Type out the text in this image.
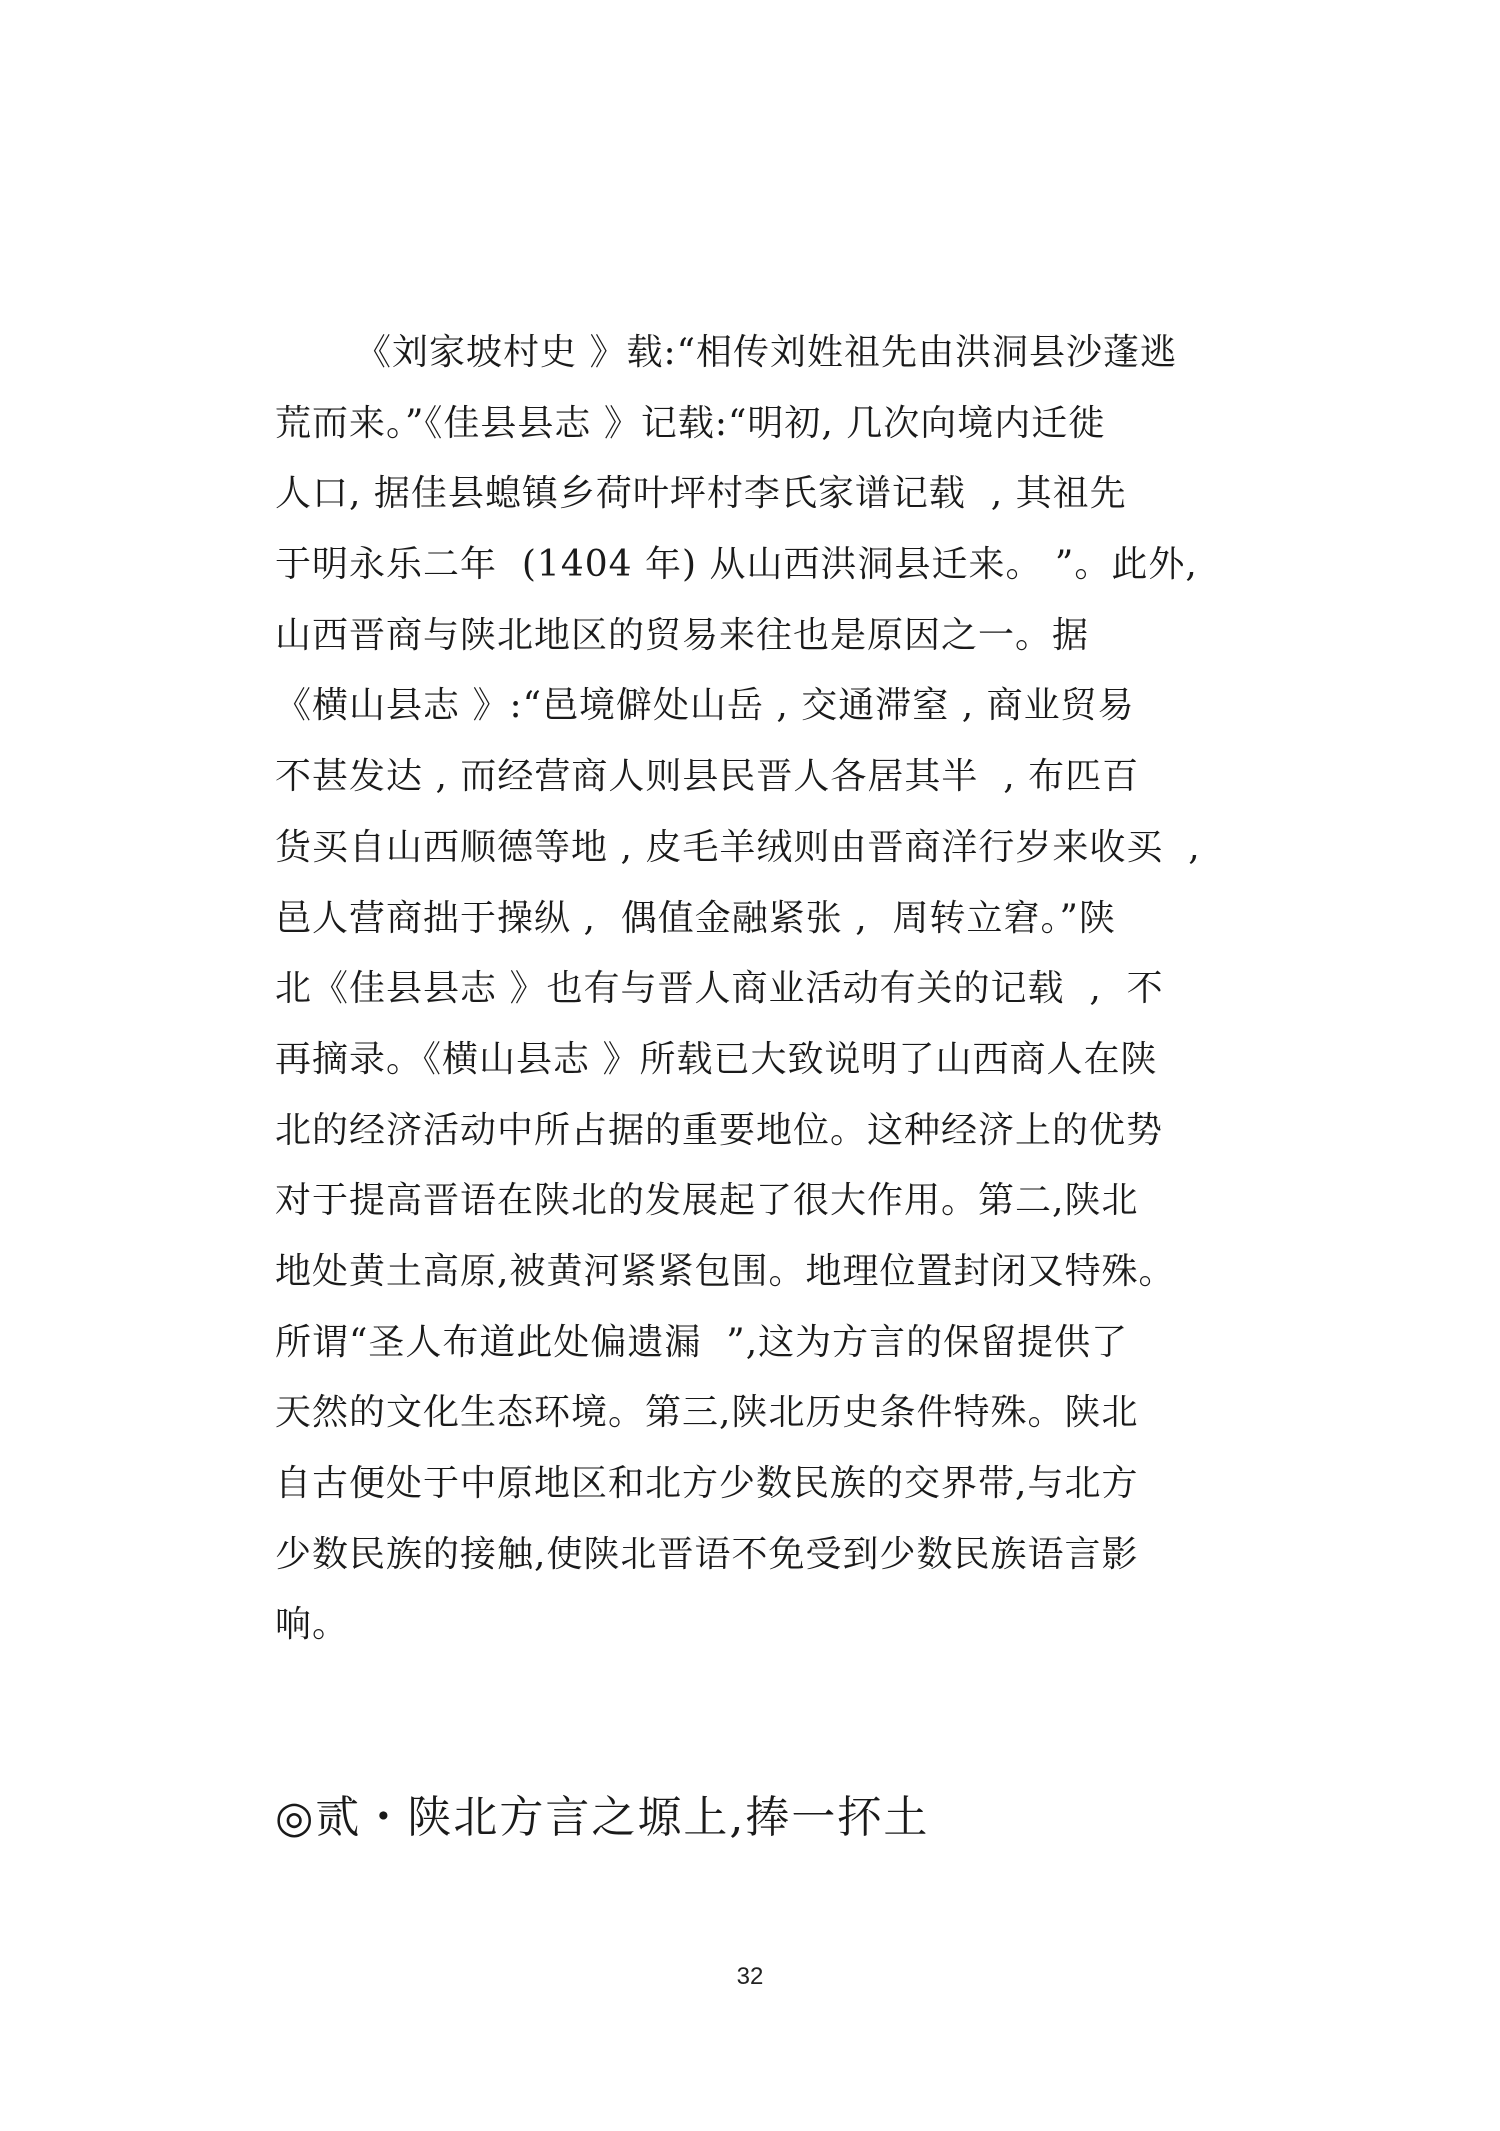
《刘家坡村史 》载:“相传刘姓祖先由洪洞县沙蓬逃
荒而来。”《佳县县志 》记载:“明初, 几次向境内迁徙
人口, 据佳县螅镇乡荷叶坪村李氏家谱记载  , 其祖先
于明永乐二年  (1404 年) 从山西洪洞县迁来。 ”。此外,
山西晋商与陕北地区的贸易来往也是原因之一。据
《横山县志 》:“邑境僻处山岳 , 交通滞窒 , 商业贸易
不甚发达 , 而经营商人则县民晋人各居其半  , 布匹百
货买自山西顺德等地 , 皮毛羊绒则由晋商洋行岁来收买  ,
邑人营商拙于操纵 ,  偶值金融紧张 ,  周转立窘。”陕
北《佳县县志 》也有与晋人商业活动有关的记载  ,  不
再摘录。《横山县志 》所载已大致说明了山西商人在陕
北的经济活动中所占据的重要地位。这种经济上的优势
对于提高晋语在陕北的发展起了很大作用。第二,陕北
地处黄土高原,被黄河紧紧包围。地理位置封闭又特殊。
所谓“圣人布道此处偏遗漏  ”,这为方言的保留提供了
天然的文化生态环境。第三,陕北历史条件特殊。陕北
自古便处于中原地区和北方少数民族的交界带,与北方
少数民族的接触,使陕北晋语不免受到少数民族语言影
响。
◎贰・陕北方言之塬上,捧一抔土
32
